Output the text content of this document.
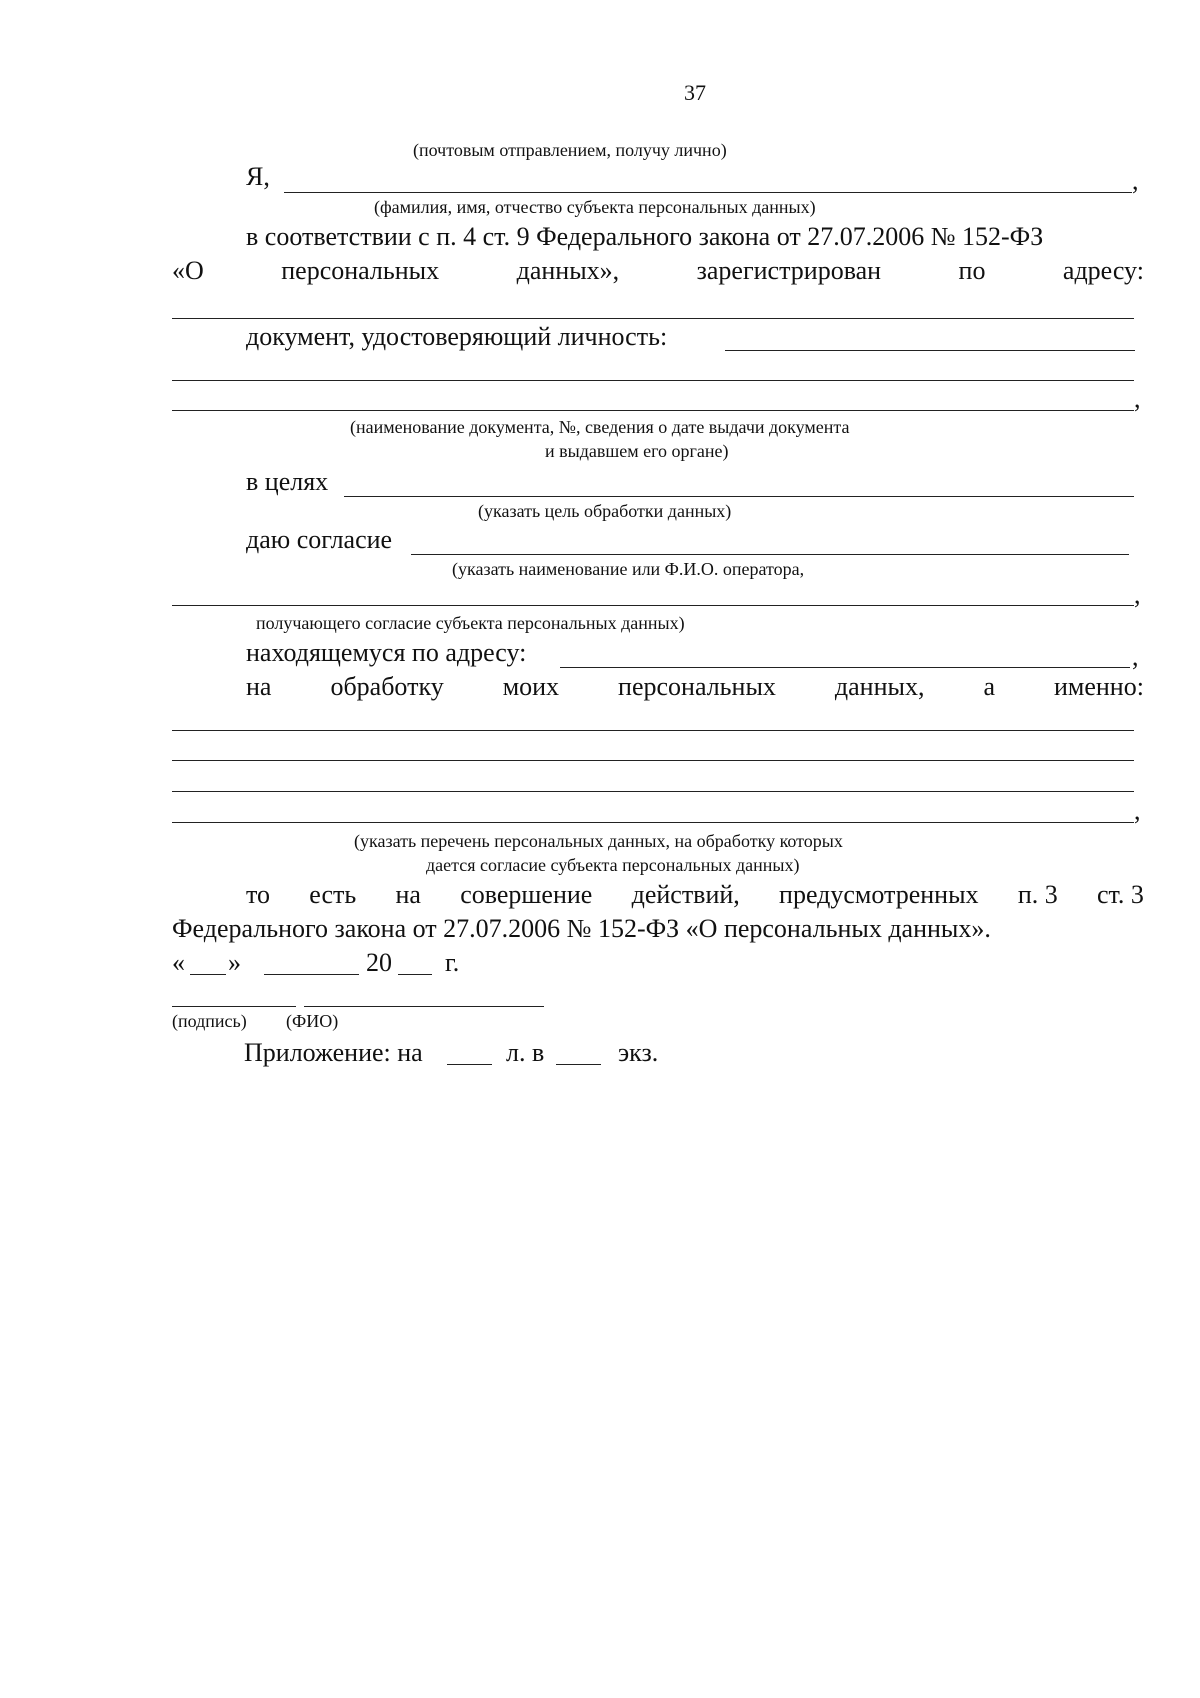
37
(почтовым отправлением, получу лично)
Я,	,
(фамилия, имя, отчество субъекта персональных данных)
в соответствии с п. 4 ст. 9 Федерального закона от 27.07.2006 № 152-ФЗ
«О	персональных	данных»,	зарегистрирован	по	адресу:
документ, удостоверяющий личность:
,
(наименование документа, №, сведения о дате выдачи документа
и выдавшем его органе)
в целях
(указать цель обработки данных)
даю согласие
(указать наименование или Ф.И.О. оператора,
,
получающего согласие субъекта персональных данных)
находящемуся по адресу:	,
на обработку моих персональных данных, а именно:
,
(указать перечень персональных данных, на обработку которых
дается согласие субъекта персональных данных)
то есть на совершение действий, предусмотренных п. 3 ст. 3
Федерального закона от 27.07.2006 № 152-ФЗ «О персональных данных».
« »	20 г.
(подпись) (ФИО)
Приложение: на	л. в	экз.
